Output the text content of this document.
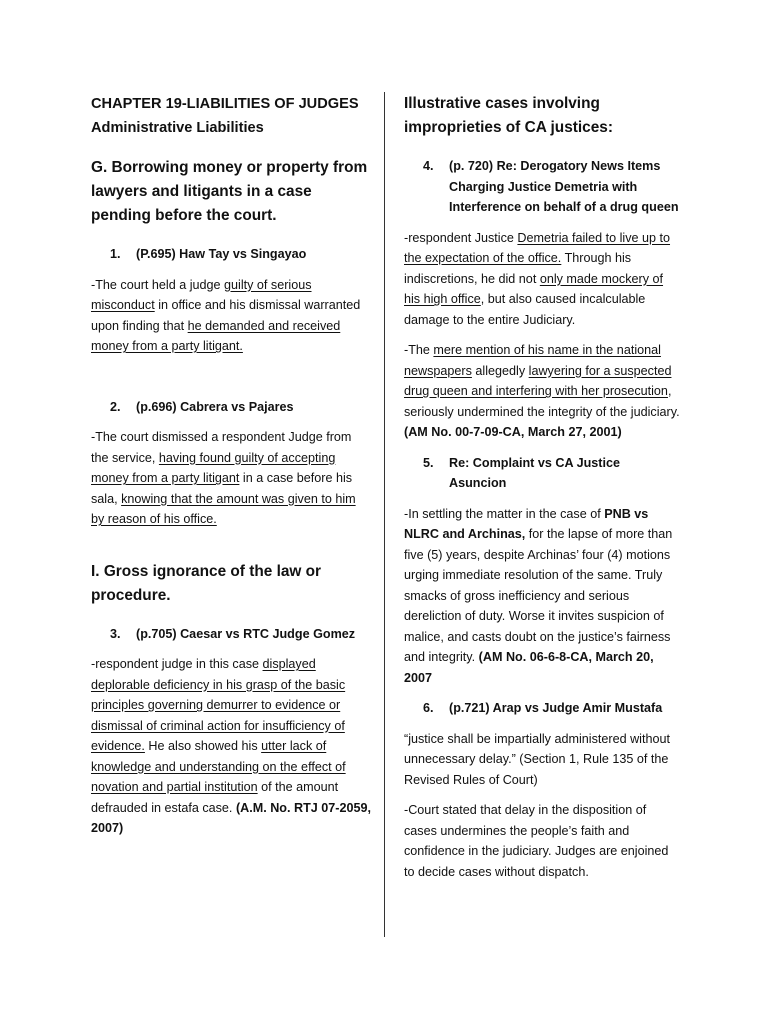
CHAPTER 19-LIABILITIES OF JUDGES
Administrative Liabilities
G. Borrowing money or property from lawyers and litigants in a case pending before the court.
1.	(P.695) Haw Tay vs Singayao
-The court held a judge guilty of serious misconduct in office and his dismissal warranted upon finding that he demanded and received money from a party litigant.
2.	(p.696) Cabrera vs Pajares
-The court dismissed a respondent Judge from the service, having found guilty of accepting money from a party litigant in a case before his sala, knowing that the amount was given to him by reason of his office.
I. Gross ignorance of the law or procedure.
3.	(p.705) Caesar vs RTC Judge Gomez
-respondent judge in this case displayed deplorable deficiency in his grasp of the basic principles governing demurrer to evidence or dismissal of criminal action for insufficiency of evidence. He also showed his utter lack of knowledge and understanding on the effect of novation and partial institution of the amount defrauded in estafa case. (A.M. No. RTJ 07-2059, 2007)
Illustrative cases involving improprieties of CA justices:
4.	(p. 720) Re: Derogatory News Items Charging Justice Demetria with Interference on behalf of a drug queen
-respondent Justice Demetria failed to live up to the expectation of the office. Through his indiscretions, he did not only made mockery of his high office, but also caused incalculable damage to the entire Judiciary.
-The mere mention of his name in the national newspapers allegedly lawyering for a suspected drug queen and interfering with her prosecution, seriously undermined the integrity of the judiciary. (AM No. 00-7-09-CA, March 27, 2001)
5.	Re: Complaint vs CA Justice Asuncion
-In settling the matter in the case of PNB vs NLRC and Archinas, for the lapse of more than five (5) years, despite Archinas’ four (4) motions urging immediate resolution of the same. Truly smacks of gross inefficiency and serious dereliction of duty. Worse it invites suspicion of malice, and casts doubt on the justice’s fairness and integrity. (AM No. 06-6-8-CA, March 20, 2007
6.	(p.721) Arap vs Judge Amir Mustafa
“justice shall be impartially administered without unnecessary delay.” (Section 1, Rule 135 of the Revised Rules of Court)
-Court stated that delay in the disposition of cases undermines the people’s faith and confidence in the judiciary. Judges are enjoined to decide cases without dispatch.
